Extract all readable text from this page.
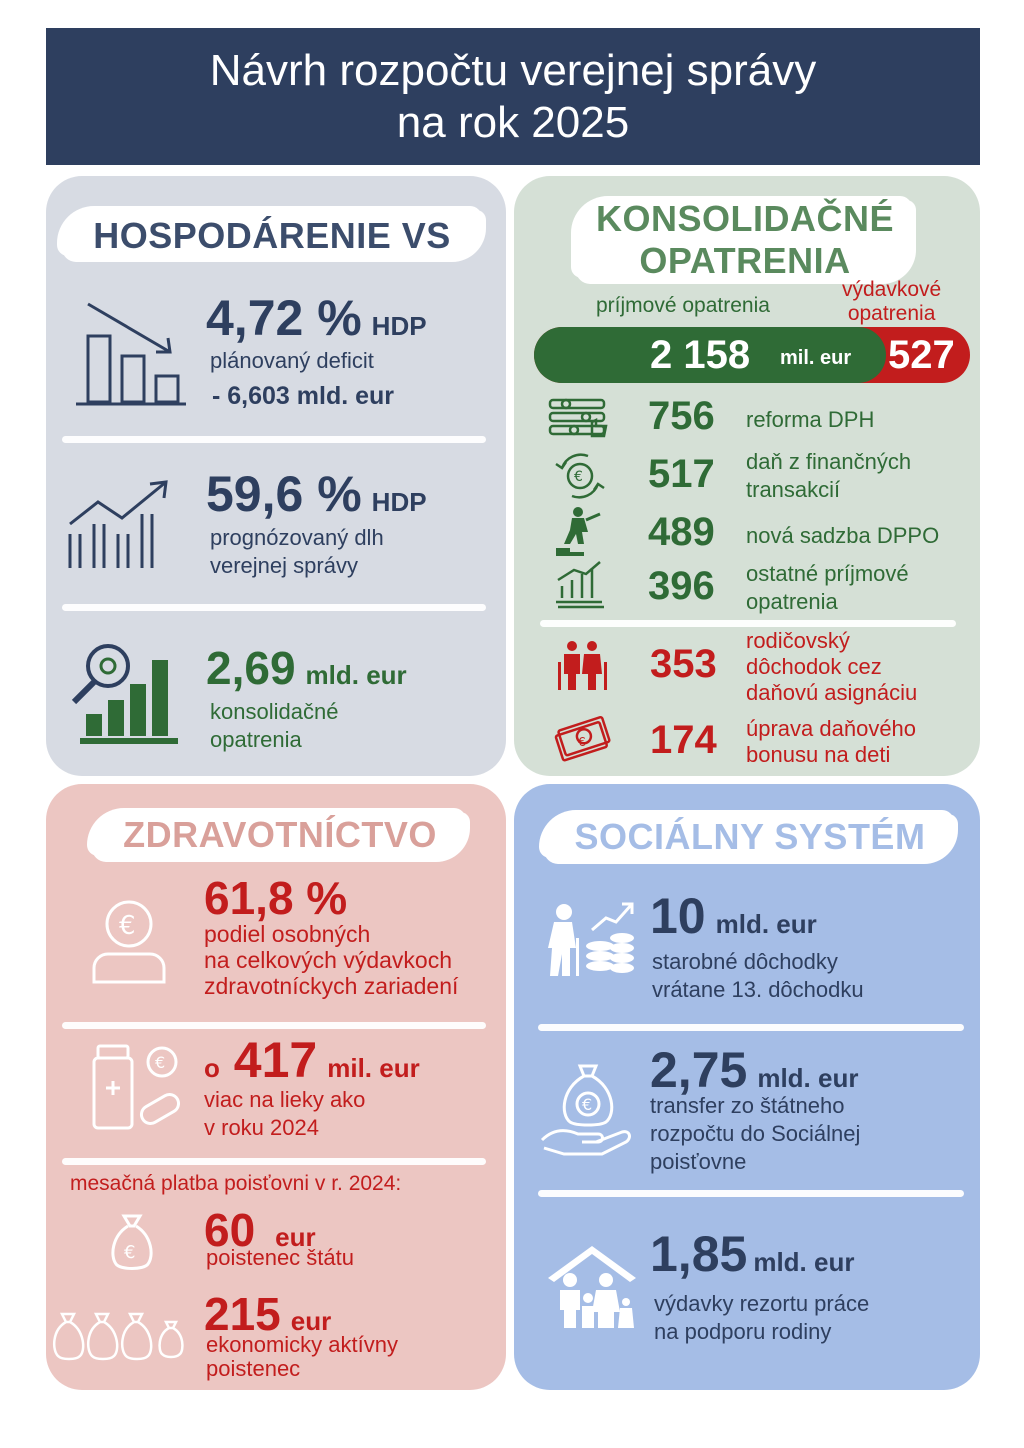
Návrh rozpočtu verejnej správy
na rok 2025
HOSPODÁRENIE VS
4,72 % HDP
plánovaný deficit
- 6,603 mld. eur
59,6 % HDP
prognózovaný dlh
verejnej správy
2,69 mld. eur
konsolidačné
opatrenia
KONSOLIDAČNÉ
OPATRENIA
príjmové opatrenia
výdavkové
opatrenia
2 158 mil. eur 527
756 reforma DPH
€ 517 daň z finančných
transakcií
489 nová sadzba DPPO
396 ostatné príjmové
opatrenia
353
rodičovský
dôchodok cez
daňovú asignáciu
€ 174 úprava daňového
bonusu na deti
ZDRAVOTNÍCTVO
€
61,8 %
podiel osobných
na celkových výdavkoch
zdravotníckych zariadení
€ o 417 mil. eur
viac na lieky ako
v roku 2024
mesačná platba poisťovni v r. 2024:
€ 60 eur
poistenec štátu
215 eur
ekonomicky aktívny
poistenec
SOCIÁLNY SYSTÉM
10 mld. eur
starobné dôchodky
vrátane 13. dôchodku
€
2,75 mld. eur
transfer zo štátneho
rozpočtu do Sociálnej
poisťovne
1,85 mld. eur
výdavky rezortu práce
na podporu rodiny
